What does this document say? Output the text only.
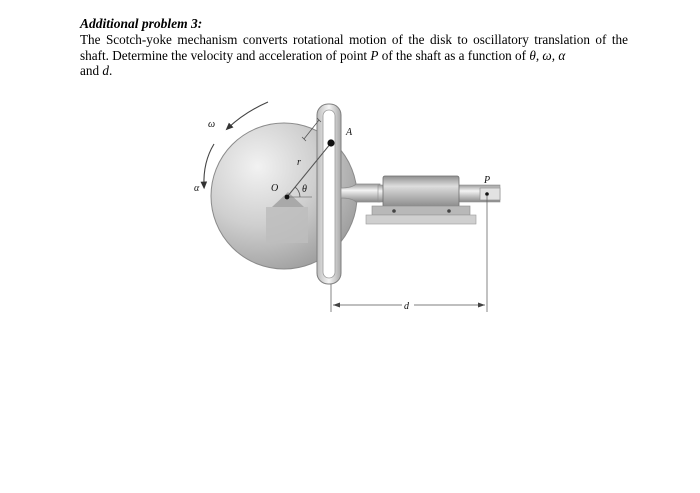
Additional problem 3:

The Scotch-yoke mechanism converts rotational motion of the disk to oscillatory translation of the shaft. Determine the velocity and acceleration of point P of the shaft as a function of θ, ω, α
and d.

ω
α	O θ
r
A
P
d
